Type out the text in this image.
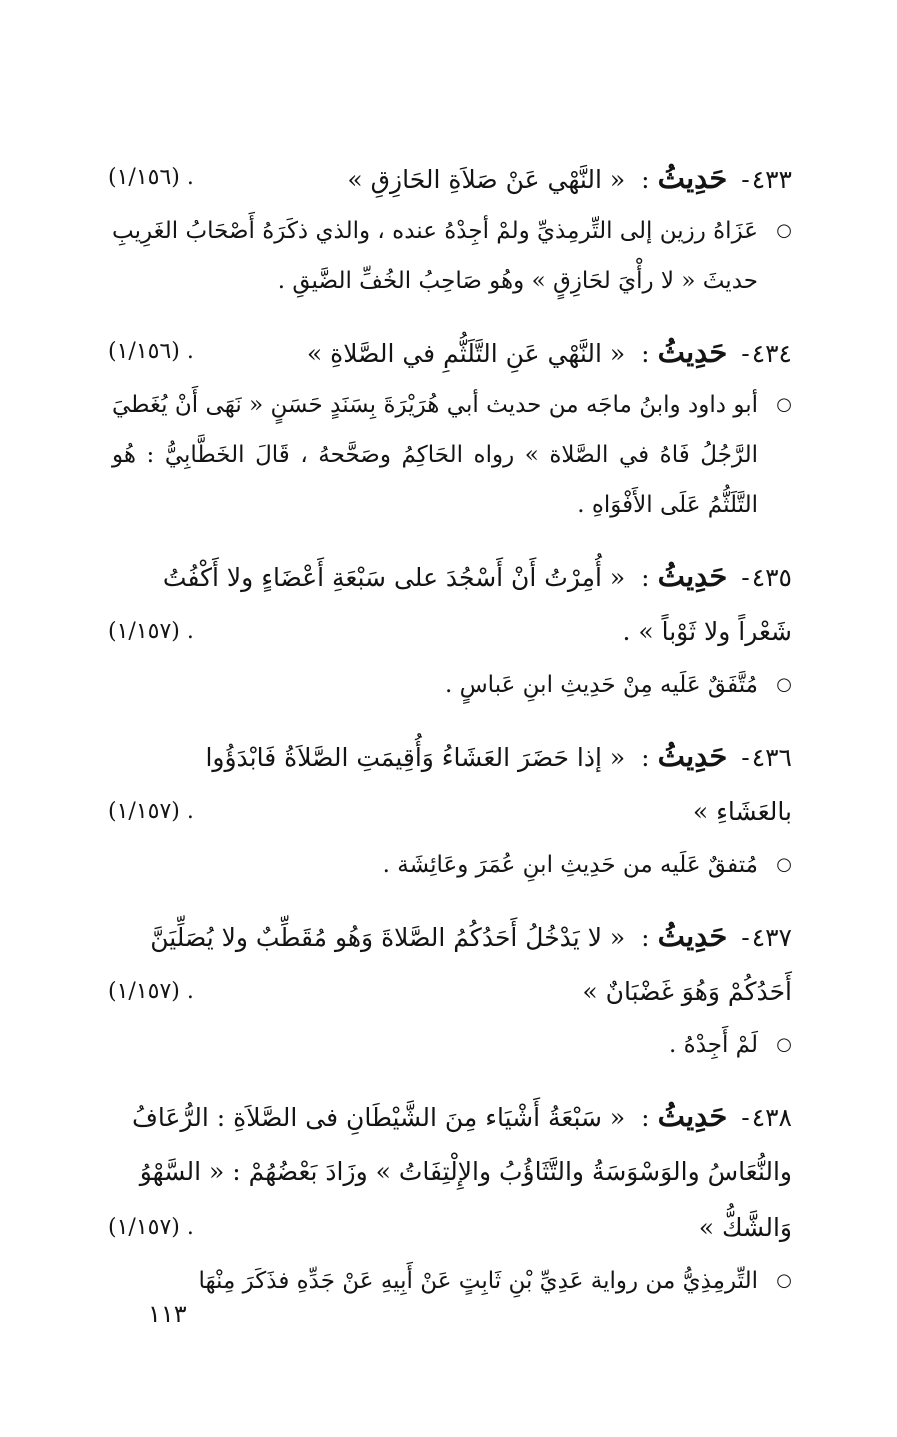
٤٣٣- حَدِيثُ: « النَّهْي عَنْ صَلاَةِ الحَازِقِ »
(١/١٥٦) .
○
عَزَاهُ رزين إلى التِّرمِذيِّ ولمْ أجِدْهُ عنده ، والذي ذكَرَهُ أَصْحَابُ الغَرِيبِ حديثَ « لا رأْيَ لحَازِقٍ » وهُو صَاحِبُ الخُفِّ الضَّيقِ .
٤٣٤- حَدِيثُ: « النَّهْي عَنِ التَّلَثُّمِ في الصَّلاةِ »
(١/١٥٦) .
○
أبو داود وابنُ ماجَه من حديث أبي هُرَيْرَةَ بِسَنَدٍ حَسَنٍ « نَهَى أَنْ يُغَطيَ الرَّجُلُ فَاهُ في الصَّلاة » رواه الحَاكِمُ وصَحَّحهُ ، قَالَ الخَطَّابِيُّ : هُو التَّلَثُّمُ عَلَى الأَفْوَاهِ .
٤٣٥- حَدِيثُ: « أُمِرْتُ أَنْ أَسْجُدَ على سَبْعَةِ أَعْضَاءٍ ولا أَكْفُتُ
شَعْراً ولا ثَوْباً » .
(١/١٥٧) .
○
مُتَّفَقٌ عَلَيه مِنْ حَدِيثِ ابنِ عَباسٍ .
٤٣٦- حَدِيثُ: « إذا حَضَرَ العَشَاءُ وَأُقِيمَتِ الصَّلاَةُ فَابْدَؤُوا
بالعَشَاءِ »
(١/١٥٧) .
○
مُتفقٌ عَلَيه من حَدِيثِ ابنِ عُمَرَ وعَائِشَة .
٤٣٧- حَدِيثُ: « لا يَدْخُلُ أَحَدُكُمُ الصَّلاةَ وَهُو مُقَطِّبٌ ولا يُصَلِّيَنَّ
أَحَدُكُمْ وَهُوَ غَضْبَانٌ »
(١/١٥٧) .
○
لَمْ أَجِدْهُ .
٤٣٨- حَدِيثُ: « سَبْعَةُ أَشْيَاء مِنَ الشَّيْطَانِ فى الصَّلاَةِ : الرُّعَافُ
والنُّعَاسُ والوَسْوَسَةُ والتَّثَاؤُبُ والإِلْتِفَاتُ » وزَادَ بَعْضُهُمْ : « السَّهْوُ
وَالشَّكُّ »
(١/١٥٧) .
○
التِّرمِذِيُّ من رواية عَدِيِّ بْنِ ثَابِتٍ عَنْ أَبِيهِ عَنْ جَدِّهِ فذَكَرَ مِنْهَا
١١٣
